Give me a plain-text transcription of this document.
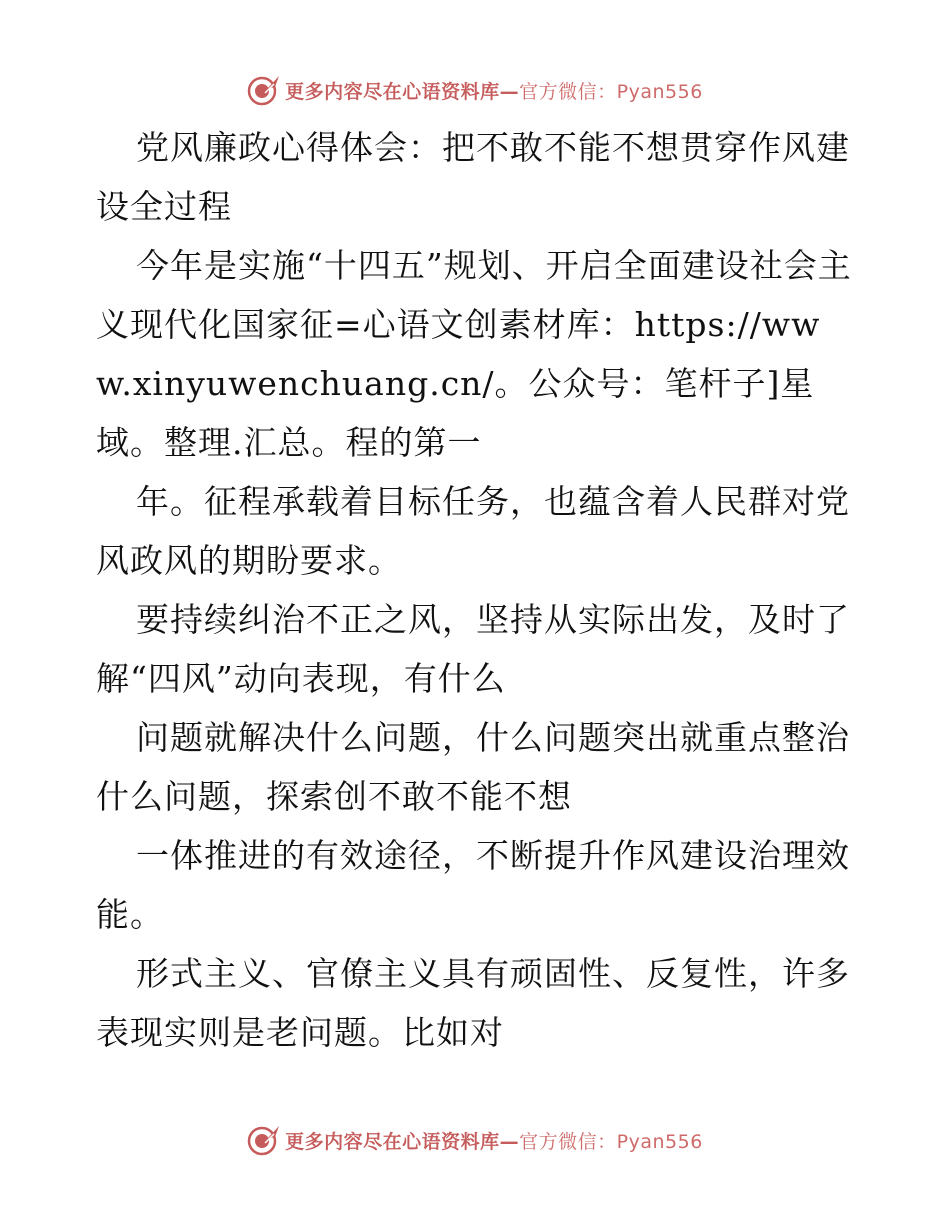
更多内容尽在心语资料库—官方微信：Pyan556

党风廉政心得体会：把不敢不能不想贯穿作风建设全过程

今年是实施“十四五”规划、开启全面建设社会主义现代化国家征=心语文创素材库：https://www.xinyuwenchuang.cn/。公众号：笔杆子]星域。整理.汇总。程的第一

年。征程承载着目标任务，也蕴含着人民群对党风政风的期盼要求。

要持续纠治不正之风，坚持从实际出发，及时了解“四风”动向表现，有什么

问题就解决什么问题，什么问题突出就重点整治什么问题，探索创不敢不能不想

一体推进的有效途径，不断提升作风建设治理效能。

形式主义、官僚主义具有顽固性、反复性，许多表现实则是老问题。比如对

更多内容尽在心语资料库—官方微信：Pyan556
